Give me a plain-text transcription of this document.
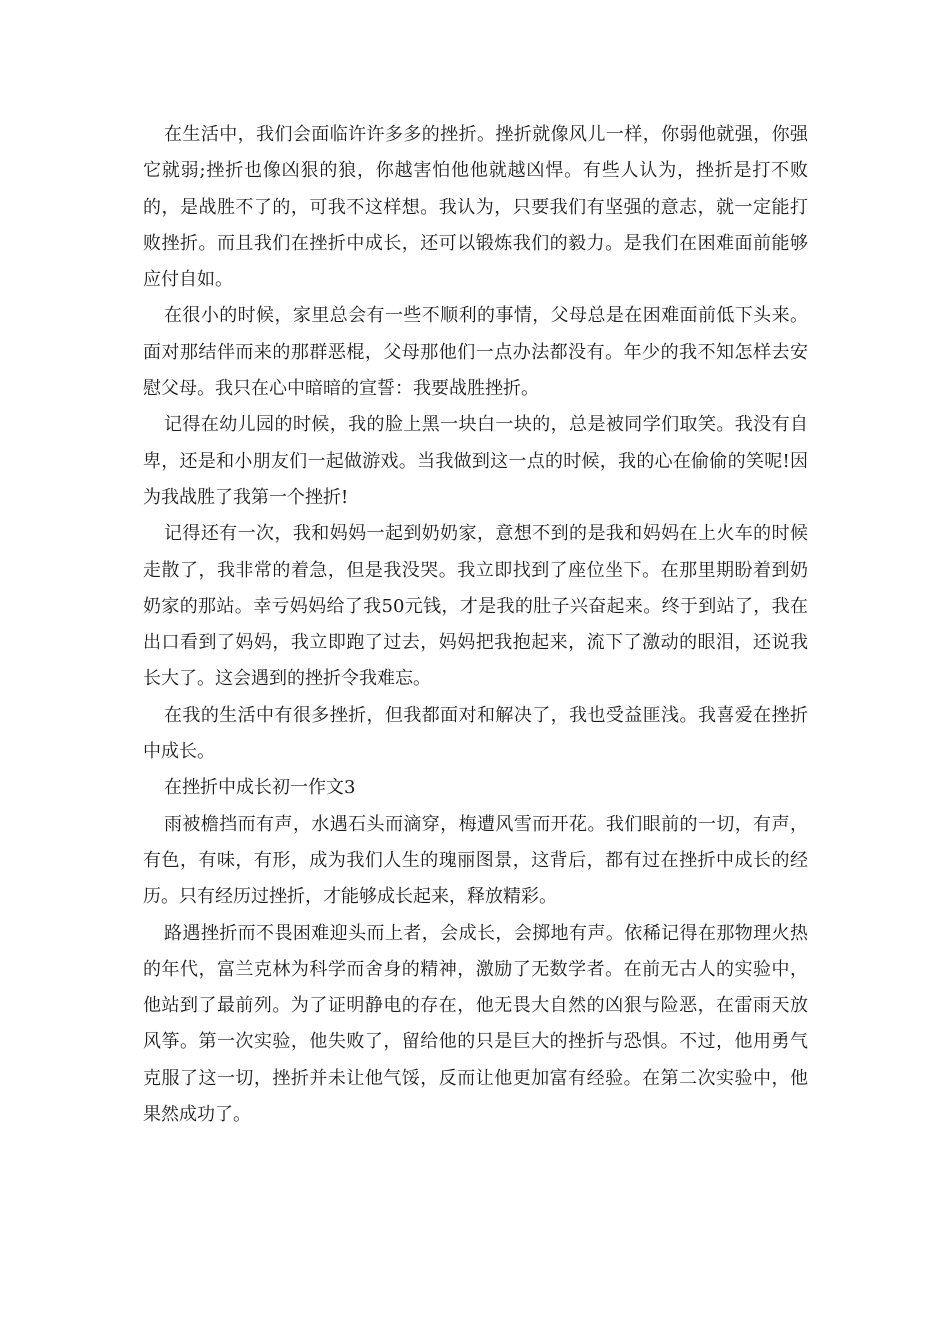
在生活中，我们会面临许许多多的挫折。挫折就像风儿一样，你弱他就强，你强它就弱;挫折也像凶狠的狼，你越害怕他他就越凶悍。有些人认为，挫折是打不败的，是战胜不了的，可我不这样想。我认为，只要我们有坚强的意志，就一定能打败挫折。而且我们在挫折中成长，还可以锻炼我们的毅力。是我们在困难面前能够应付自如。

在很小的时候，家里总会有一些不顺利的事情，父母总是在困难面前低下头来。面对那结伴而来的那群恶棍，父母那他们一点办法都没有。年少的我不知怎样去安慰父母。我只在心中暗暗的宣誓：我要战胜挫折。

记得在幼儿园的时候，我的脸上黑一块白一块的，总是被同学们取笑。我没有自卑，还是和小朋友们一起做游戏。当我做到这一点的时候，我的心在偷偷的笑呢!因为我战胜了我第一个挫折!

记得还有一次，我和妈妈一起到奶奶家，意想不到的是我和妈妈在上火车的时候走散了，我非常的着急，但是我没哭。我立即找到了座位坐下。在那里期盼着到奶奶家的那站。幸亏妈妈给了我50元钱，才是我的肚子兴奋起来。终于到站了，我在出口看到了妈妈，我立即跑了过去，妈妈把我抱起来，流下了激动的眼泪，还说我长大了。这会遇到的挫折令我难忘。

在我的生活中有很多挫折，但我都面对和解决了，我也受益匪浅。我喜爱在挫折中成长。

在挫折中成长初一作文3

雨被檐挡而有声，水遇石头而滴穿，梅遭风雪而开花。我们眼前的一切，有声，有色，有味，有形，成为我们人生的瑰丽图景，这背后，都有过在挫折中成长的经历。只有经历过挫折，才能够成长起来，释放精彩。

路遇挫折而不畏困难迎头而上者，会成长，会掷地有声。依稀记得在那物理火热的年代，富兰克林为科学而舍身的精神，激励了无数学者。在前无古人的实验中，他站到了最前列。为了证明静电的存在，他无畏大自然的凶狠与险恶，在雷雨天放风筝。第一次实验，他失败了，留给他的只是巨大的挫折与恐惧。不过，他用勇气克服了这一切，挫折并未让他气馁，反而让他更加富有经验。在第二次实验中，他果然成功了。
